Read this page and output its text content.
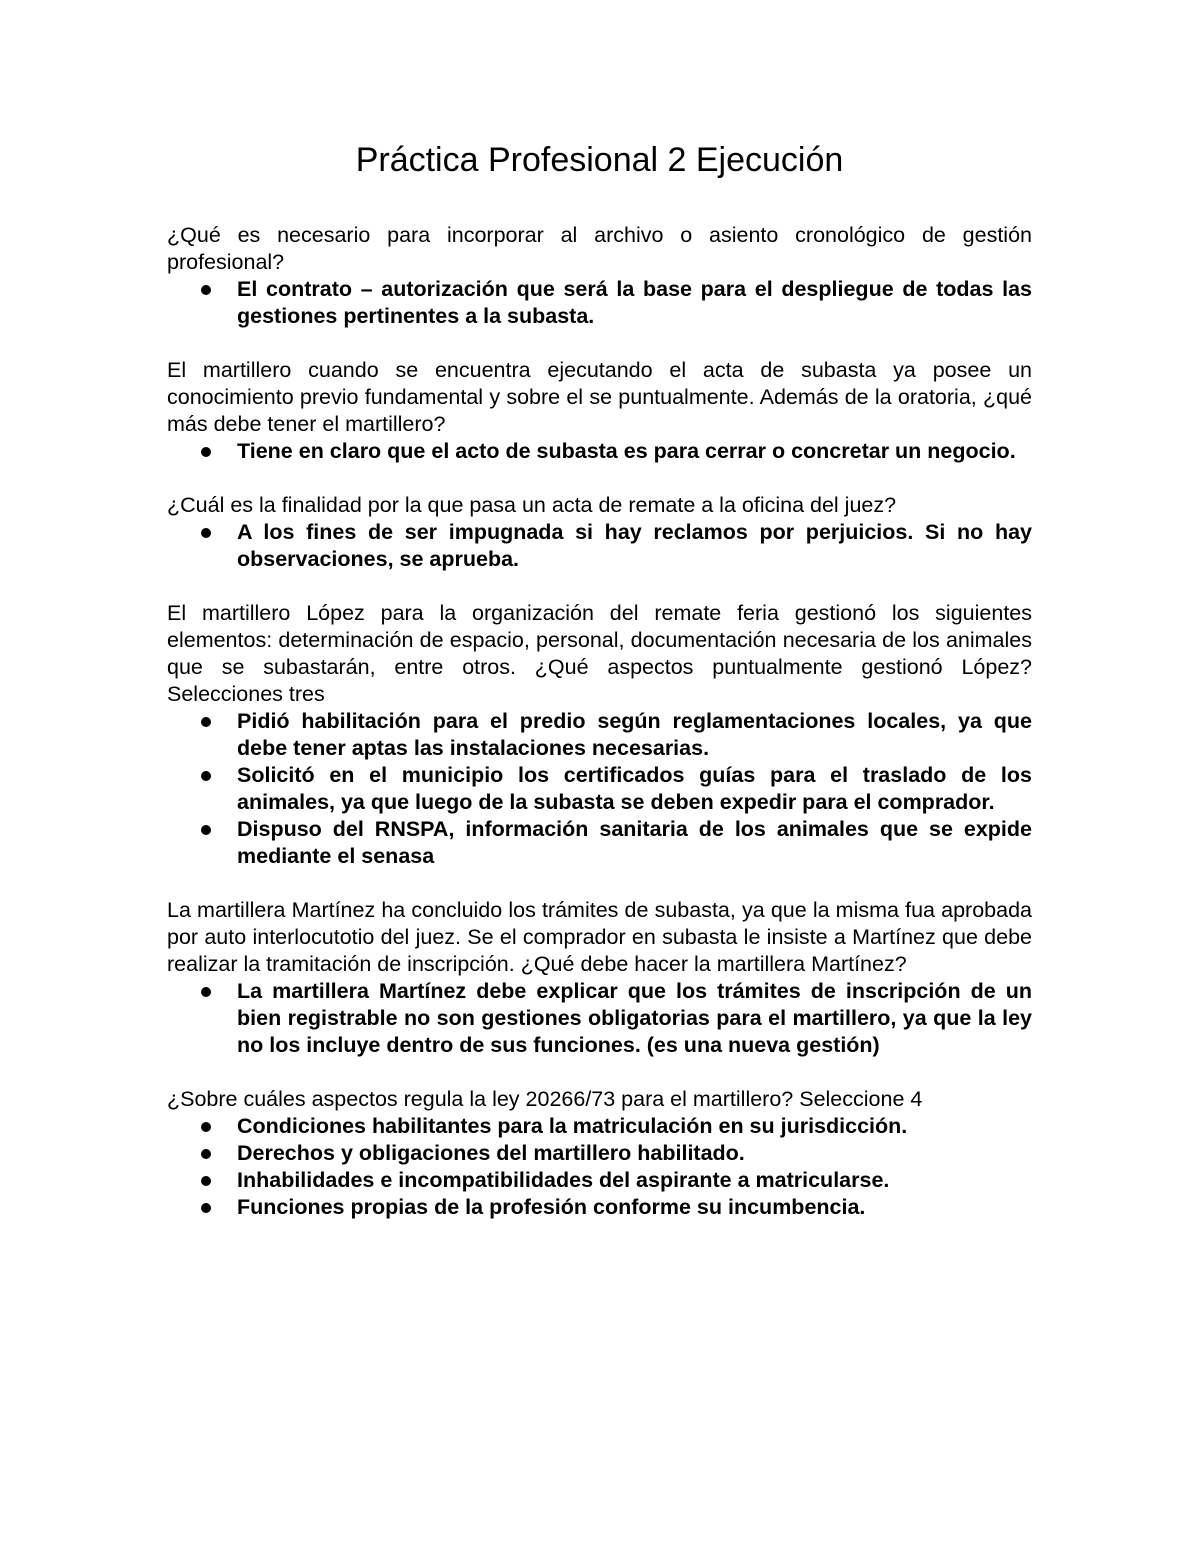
Práctica Profesional 2 Ejecución

¿Qué es necesario para incorporar al archivo o asiento cronológico de gestión profesional?

El contrato – autorización que será la base para el despliegue de todas las gestiones pertinentes a la subasta.

El martillero cuando se encuentra ejecutando el acta de subasta ya posee un conocimiento previo fundamental y sobre el se puntualmente. Además de la oratoria, ¿qué más debe tener el martillero?

Tiene en claro que el acto de subasta es para cerrar o concretar un negocio.

¿Cuál es la finalidad por la que pasa un acta de remate a la oficina del juez?

A los fines de ser impugnada si hay reclamos por perjuicios. Si no hay observaciones, se aprueba.

El martillero López para la organización del remate feria gestionó los siguientes elementos: determinación de espacio, personal, documentación necesaria de los animales que se subastarán, entre otros. ¿Qué aspectos puntualmente gestionó López? Selecciones tres

Pidió habilitación para el predio según reglamentaciones locales, ya que debe tener aptas las instalaciones necesarias.
Solicitó en el municipio los certificados guías para el traslado de los animales, ya que luego de la subasta se deben expedir para el comprador.
Dispuso del RNSPA, información sanitaria de los animales que se expide mediante el senasa

La martillera Martínez ha concluido los trámites de subasta, ya que la misma fua aprobada por auto interlocutotio del juez. Se el comprador en subasta le insiste a Martínez que debe realizar la tramitación de inscripción. ¿Qué debe hacer la martillera Martínez?

La martillera Martínez debe explicar que los trámites de inscripción de un bien registrable no son gestiones obligatorias para el martillero, ya que la ley no los incluye dentro de sus funciones. (es una nueva gestión)

¿Sobre cuáles aspectos regula la ley 20266/73 para el martillero? Seleccione 4

Condiciones habilitantes para la matriculación en su jurisdicción.
Derechos y obligaciones del martillero habilitado.
Inhabilidades e incompatibilidades del aspirante a matricularse.
Funciones propias de la profesión conforme su incumbencia.
